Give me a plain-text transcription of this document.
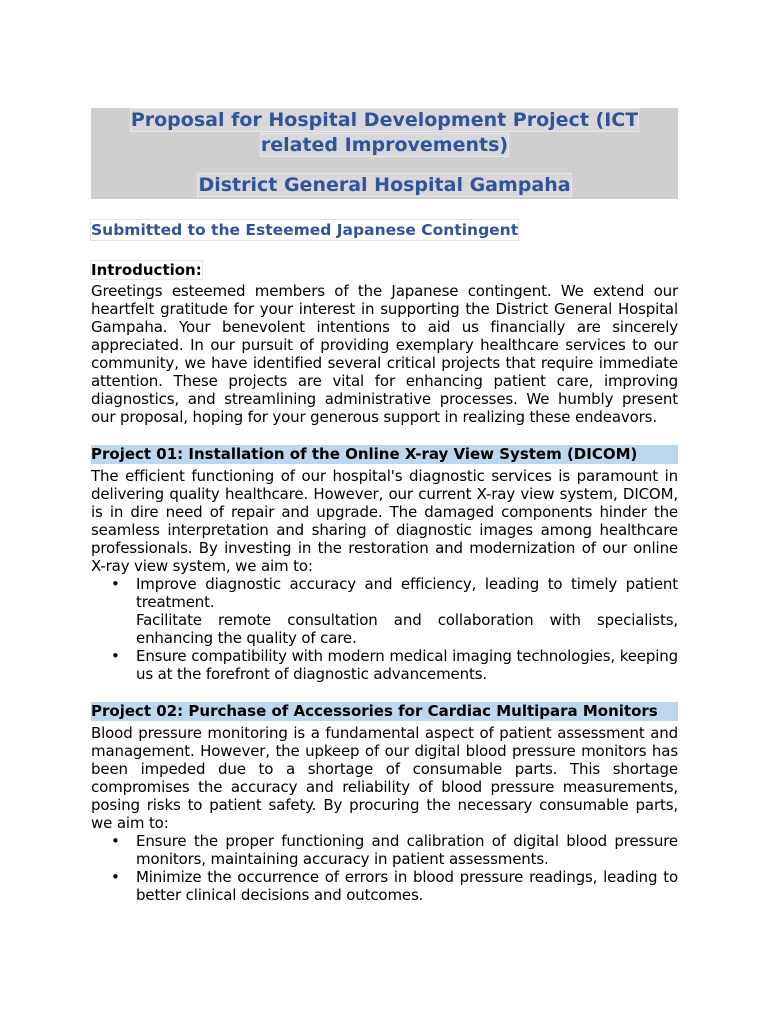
Proposal for Hospital Development Project (ICT
related Improvements)
District General Hospital Gampaha
Submitted to the Esteemed Japanese Contingent
Introduction:

Greetings esteemed members of the Japanese contingent. We extend our heartfelt gratitude for your interest in supporting the District General Hospital Gampaha. Your benevolent intentions to aid us financially are sincerely appreciated. In our pursuit of providing exemplary healthcare services to our community, we have identified several critical projects that require immediate attention. These projects are vital for enhancing patient care, improving diagnostics, and streamlining administrative processes. We humbly present our proposal, hoping for your generous support in realizing these endeavors.

Project 01: Installation of the Online X-ray View System (DICOM)

The efficient functioning of our hospital's diagnostic services is paramount in delivering quality healthcare. However, our current X-ray view system, DICOM, is in dire need of repair and upgrade. The damaged components hinder the seamless interpretation and sharing of diagnostic images among healthcare professionals. By investing in the restoration and modernization of our online X-ray view system, we aim to:

• Improve diagnostic accuracy and efficiency, leading to timely patient treatment.
Facilitate remote consultation and collaboration with specialists, enhancing the quality of care.
• Ensure compatibility with modern medical imaging technologies, keeping us at the forefront of diagnostic advancements.
Project 02: Purchase of Accessories for Cardiac Multipara Monitors

Blood pressure monitoring is a fundamental aspect of patient assessment and management. However, the upkeep of our digital blood pressure monitors has been impeded due to a shortage of consumable parts. This shortage compromises the accuracy and reliability of blood pressure measurements, posing risks to patient safety. By procuring the necessary consumable parts, we aim to:

• Ensure the proper functioning and calibration of digital blood pressure monitors, maintaining accuracy in patient assessments.
• Minimize the occurrence of errors in blood pressure readings, leading to better clinical decisions and outcomes.
